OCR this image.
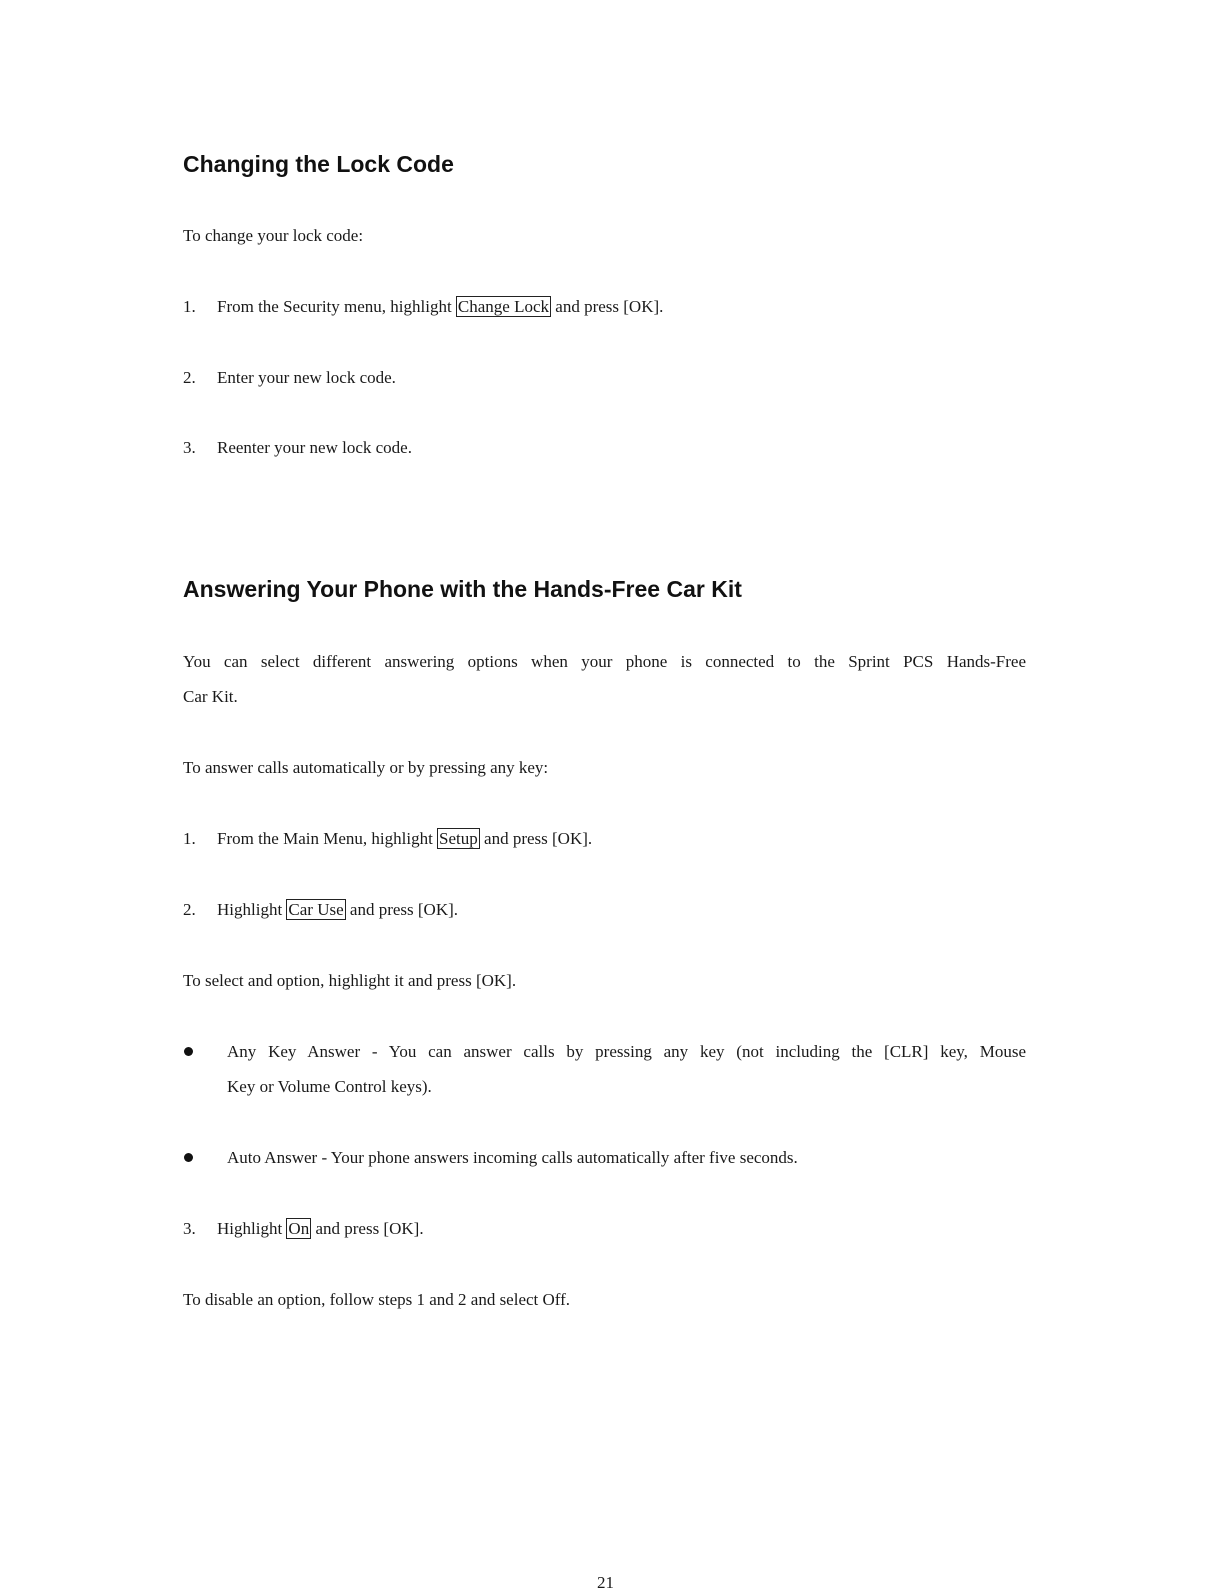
Changing the Lock Code
To change your lock code:
1. From the Security menu, highlight Change Lock and press [OK].
2. Enter your new lock code.
3. Reenter your new lock code.
Answering Your Phone with the Hands-Free Car Kit
You can select different answering options when your phone is connected to the Sprint PCS Hands-Free
Car Kit.
To answer calls automatically or by pressing any key:
1. From the Main Menu, highlight Setup and press [OK].
2. Highlight Car Use and press [OK].
To select and option, highlight it and press [OK].
Any Key Answer - You can answer calls by pressing any key (not including the [CLR] key, Mouse
Key or Volume Control keys).
Auto Answer - Your phone answers incoming calls automatically after five seconds.
3. Highlight On and press [OK].
To disable an option, follow steps 1 and 2 and select Off.
21
